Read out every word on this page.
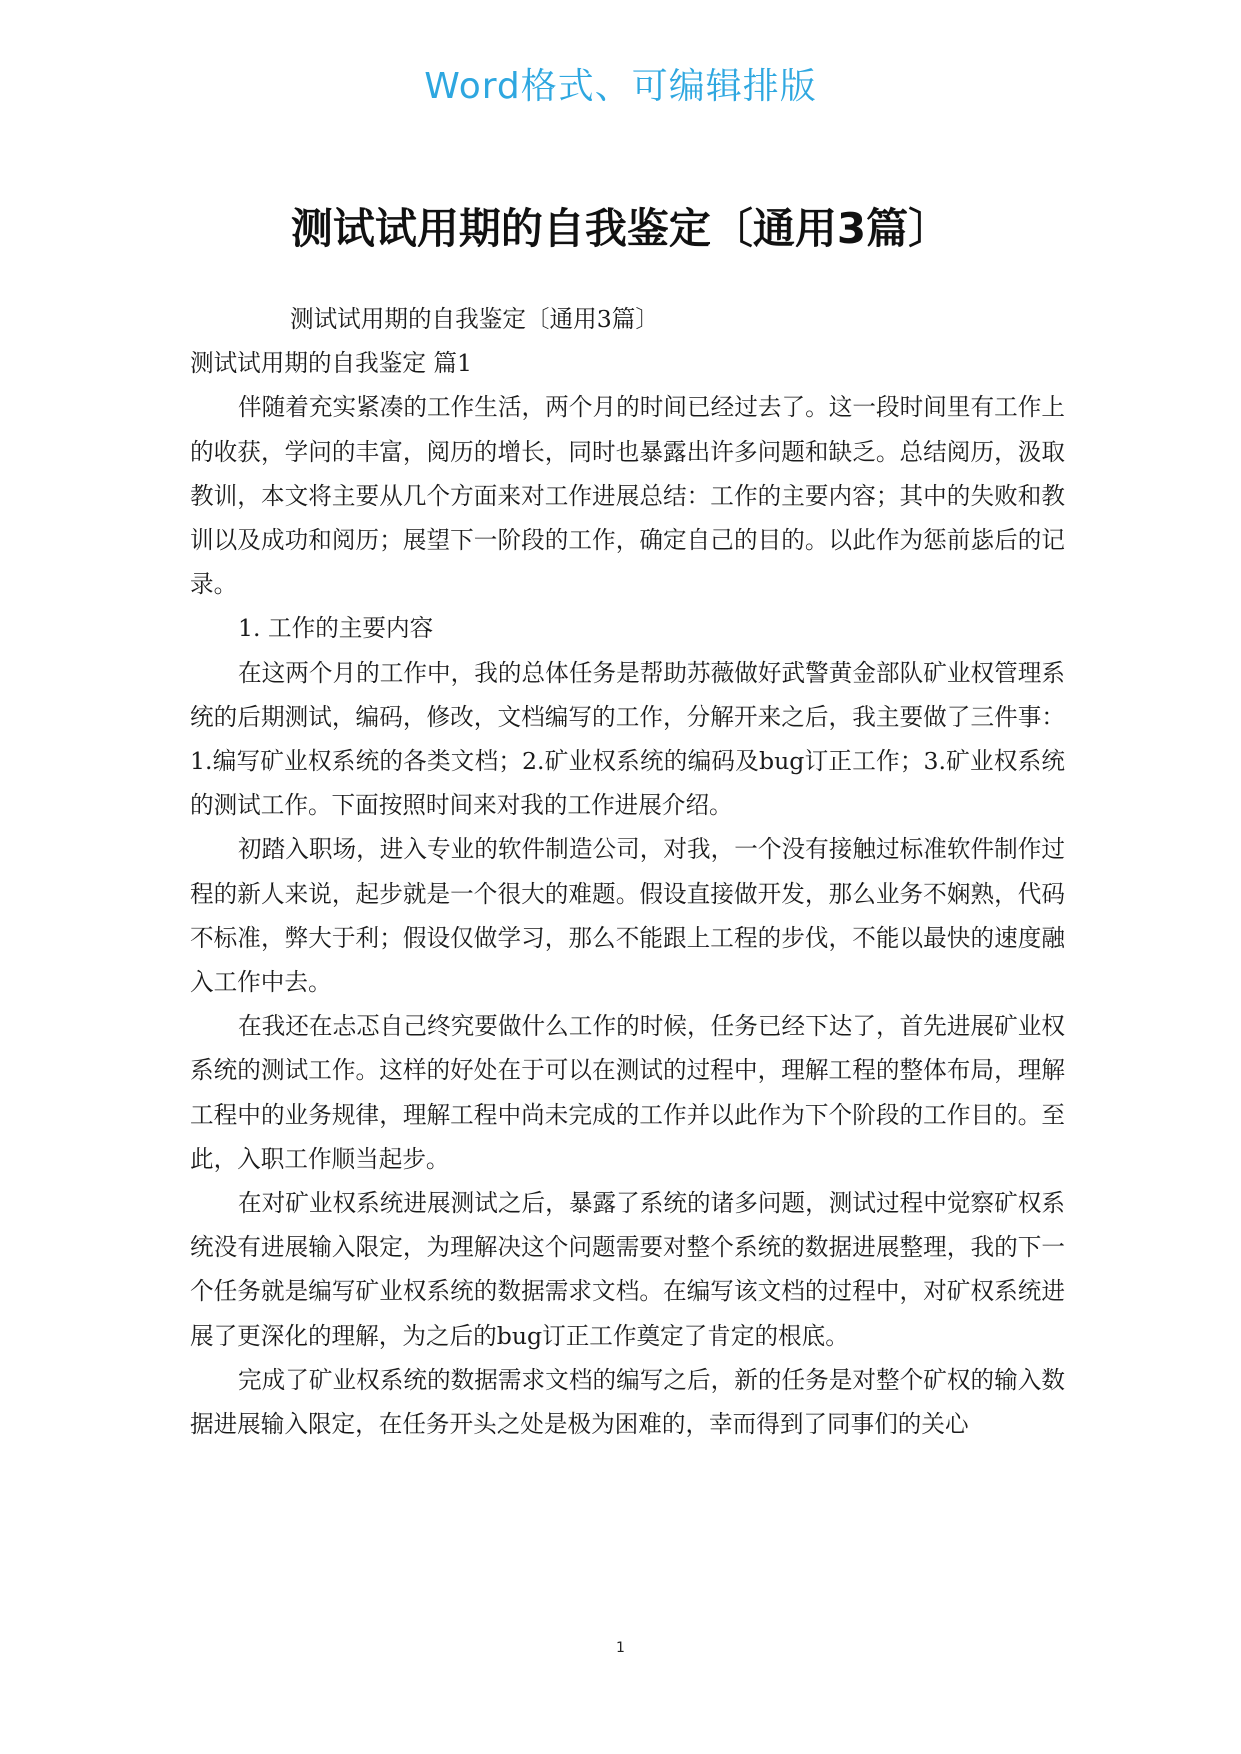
Word格式、可编辑排版
测试试用期的自我鉴定〔通用3篇〕

测试试用期的自我鉴定〔通用3篇〕

测试试用期的自我鉴定 篇1

伴随着充实紧凑的工作生活，两个月的时间已经过去了。这一段时间里有工作上的收获，学问的丰富，阅历的增长，同时也暴露出许多问题和缺乏。总结阅历，汲取教训，本文将主要从几个方面来对工作进展总结：工作的主要内容；其中的失败和教训以及成功和阅历；展望下一阶段的工作，确定自己的目的。以此作为惩前毖后的记录。

1. 工作的主要内容

在这两个月的工作中，我的总体任务是帮助苏薇做好武警黄金部队矿业权管理系统的后期测试，编码，修改，文档编写的工作，分解开来之后，我主要做了三件事：1.编写矿业权系统的各类文档；2.矿业权系统的编码及bug订正工作；3.矿业权系统的测试工作。下面按照时间来对我的工作进展介绍。

初踏入职场，进入专业的软件制造公司，对我，一个没有接触过标准软件制作过程的新人来说，起步就是一个很大的难题。假设直接做开发，那么业务不娴熟，代码不标准，弊大于利；假设仅做学习，那么不能跟上工程的步伐，不能以最快的速度融入工作中去。

在我还在忐忑自己终究要做什么工作的时候，任务已经下达了，首先进展矿业权系统的测试工作。这样的好处在于可以在测试的过程中，理解工程的整体布局，理解工程中的业务规律，理解工程中尚未完成的工作并以此作为下个阶段的工作目的。至此，入职工作顺当起步。

在对矿业权系统进展测试之后，暴露了系统的诸多问题，测试过程中觉察矿权系统没有进展输入限定，为理解决这个问题需要对整个系统的数据进展整理，我的下一个任务就是编写矿业权系统的数据需求文档。在编写该文档的过程中，对矿权系统进展了更深化的理解，为之后的bug订正工作奠定了肯定的根底。

完成了矿业权系统的数据需求文档的编写之后，新的任务是对整个矿权的输入数据进展输入限定，在任务开头之处是极为困难的，幸而得到了同事们的关心

1
